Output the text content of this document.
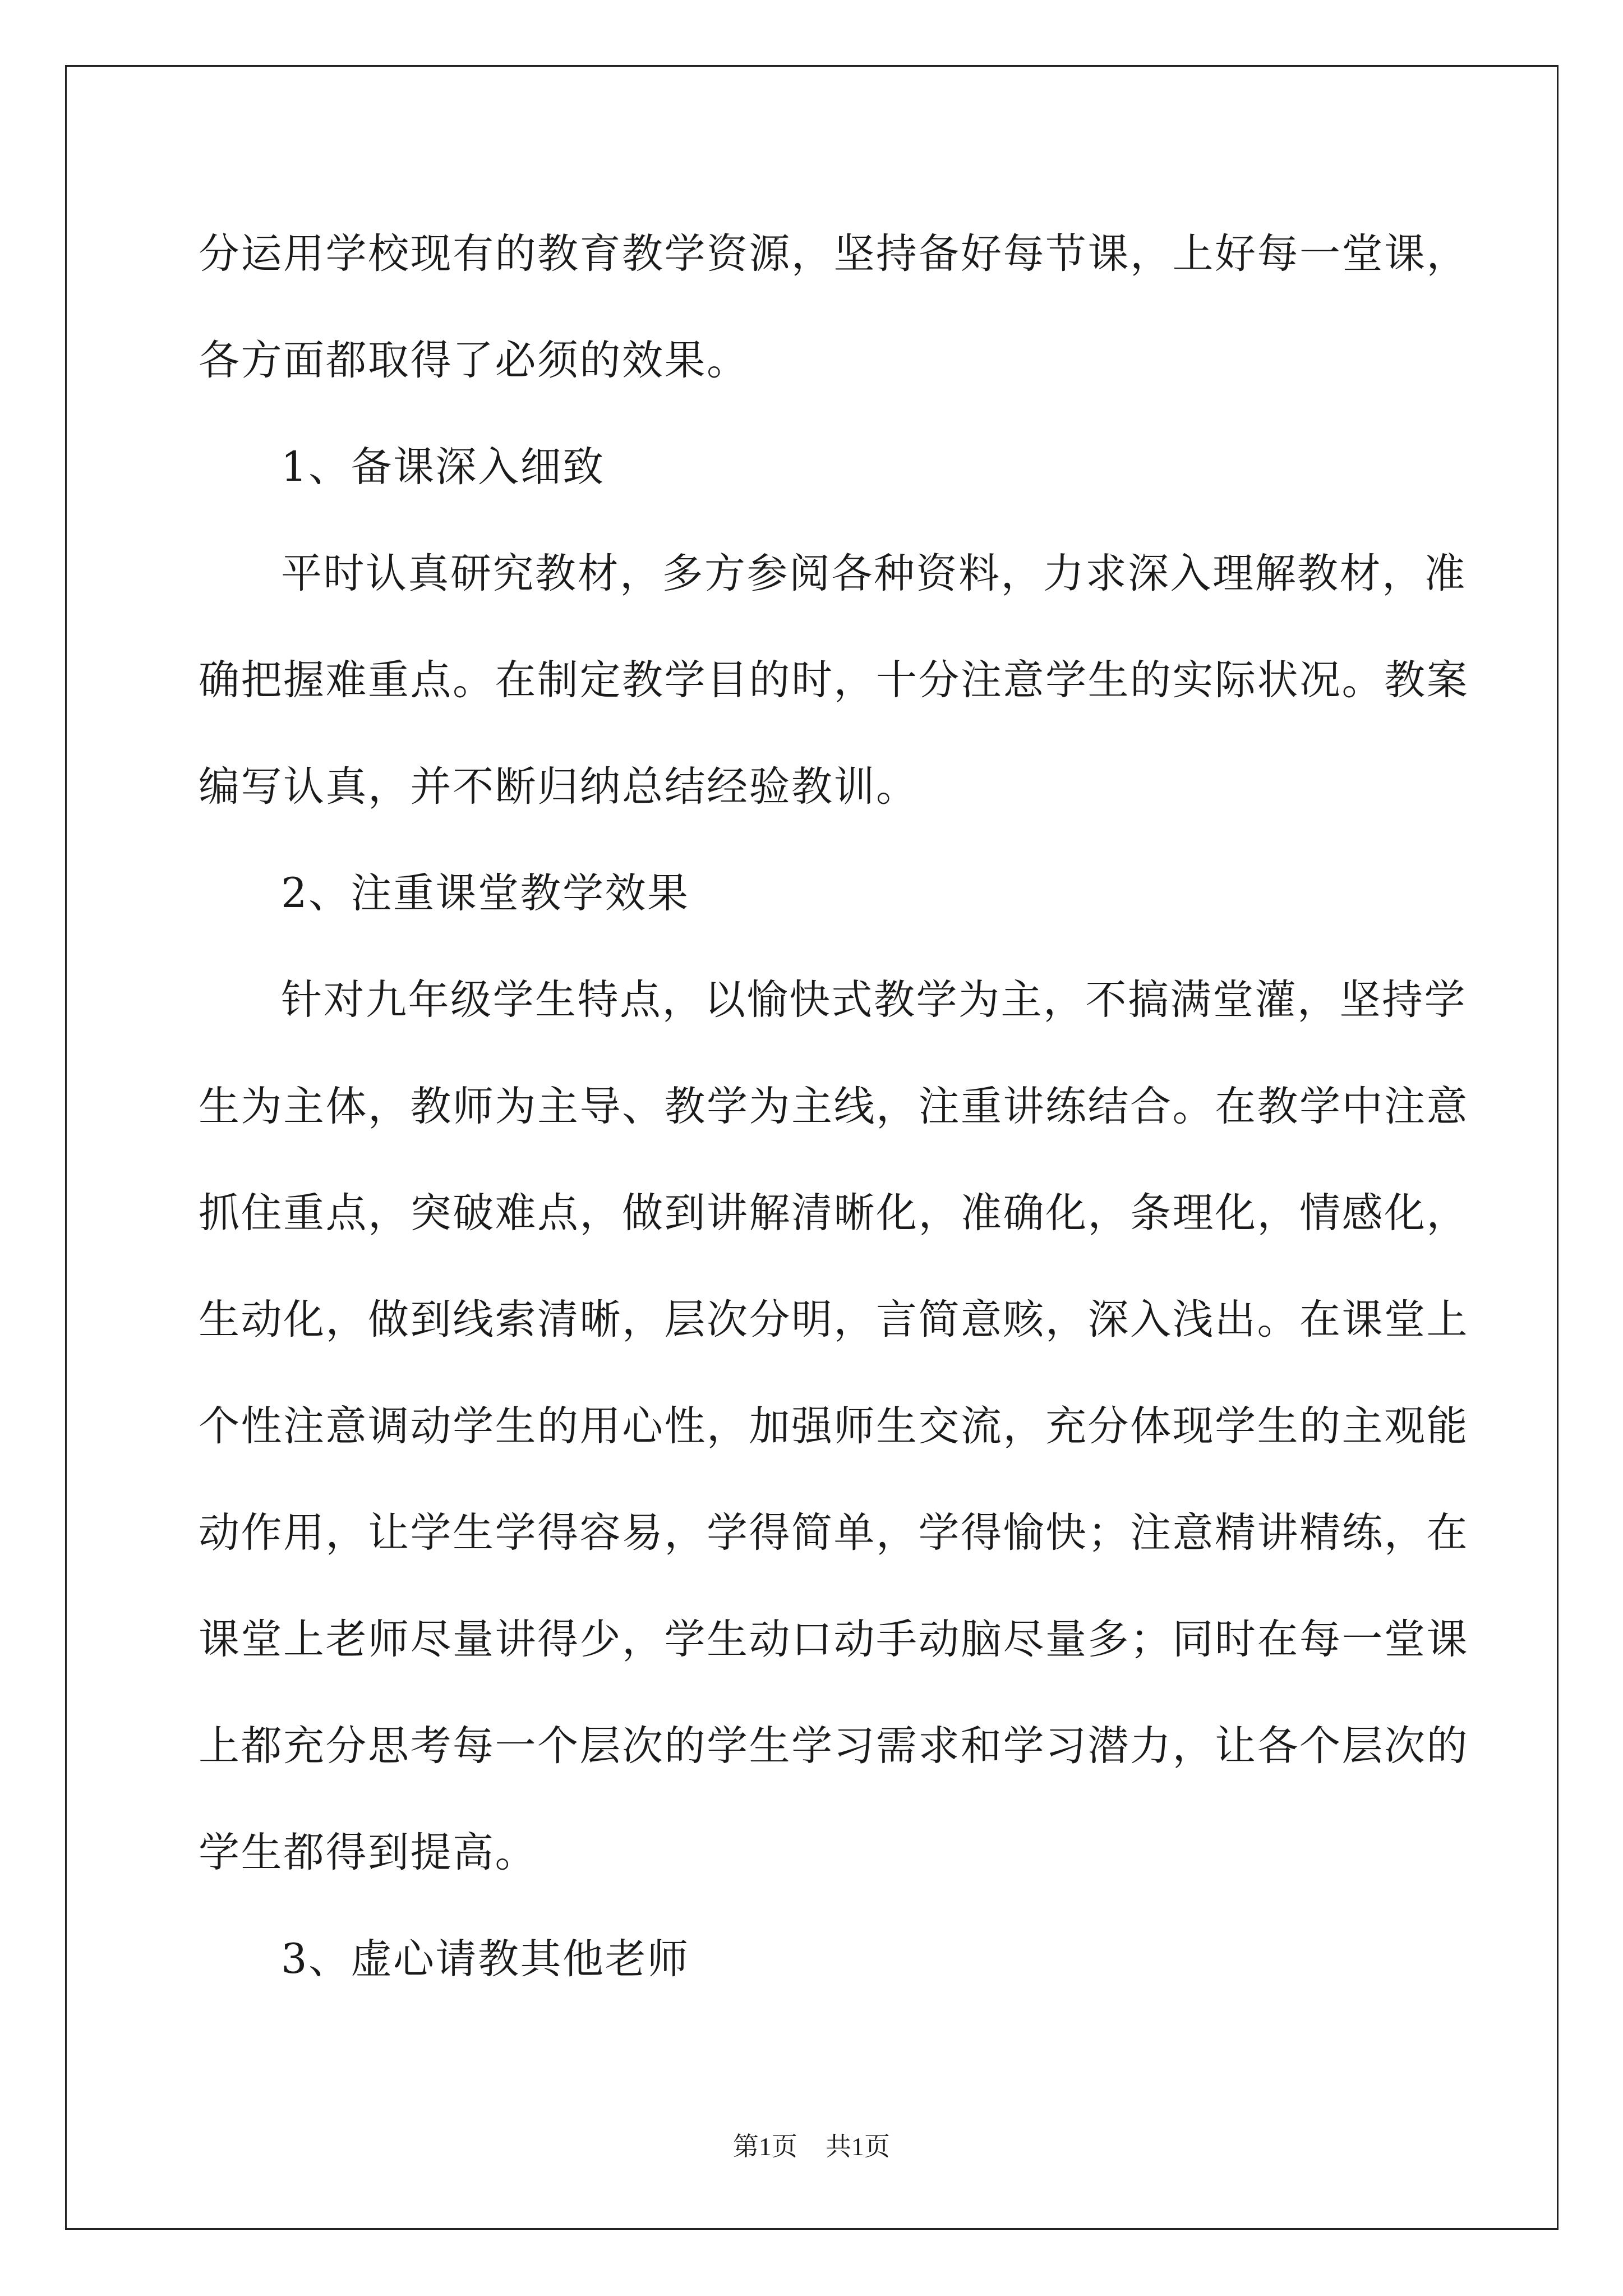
分运用学校现有的教育教学资源，坚持备好每节课，上好每一堂课，
各方面都取得了必须的效果。
1、备课深入细致
平时认真研究教材，多方参阅各种资料，力求深入理解教材，准
确把握难重点。在制定教学目的时，十分注意学生的实际状况。教案
编写认真，并不断归纳总结经验教训。
2、注重课堂教学效果
针对九年级学生特点，以愉快式教学为主，不搞满堂灌，坚持学
生为主体，教师为主导、教学为主线，注重讲练结合。在教学中注意
抓住重点，突破难点，做到讲解清晰化，准确化，条理化，情感化，
生动化，做到线索清晰，层次分明，言简意赅，深入浅出。在课堂上
个性注意调动学生的用心性，加强师生交流，充分体现学生的主观能
动作用，让学生学得容易，学得简单，学得愉快；注意精讲精练，在
课堂上老师尽量讲得少，学生动口动手动脑尽量多；同时在每一堂课
上都充分思考每一个层次的学生学习需求和学习潜力，让各个层次的
学生都得到提高。
3、虚心请教其他老师
第1页 共1页
